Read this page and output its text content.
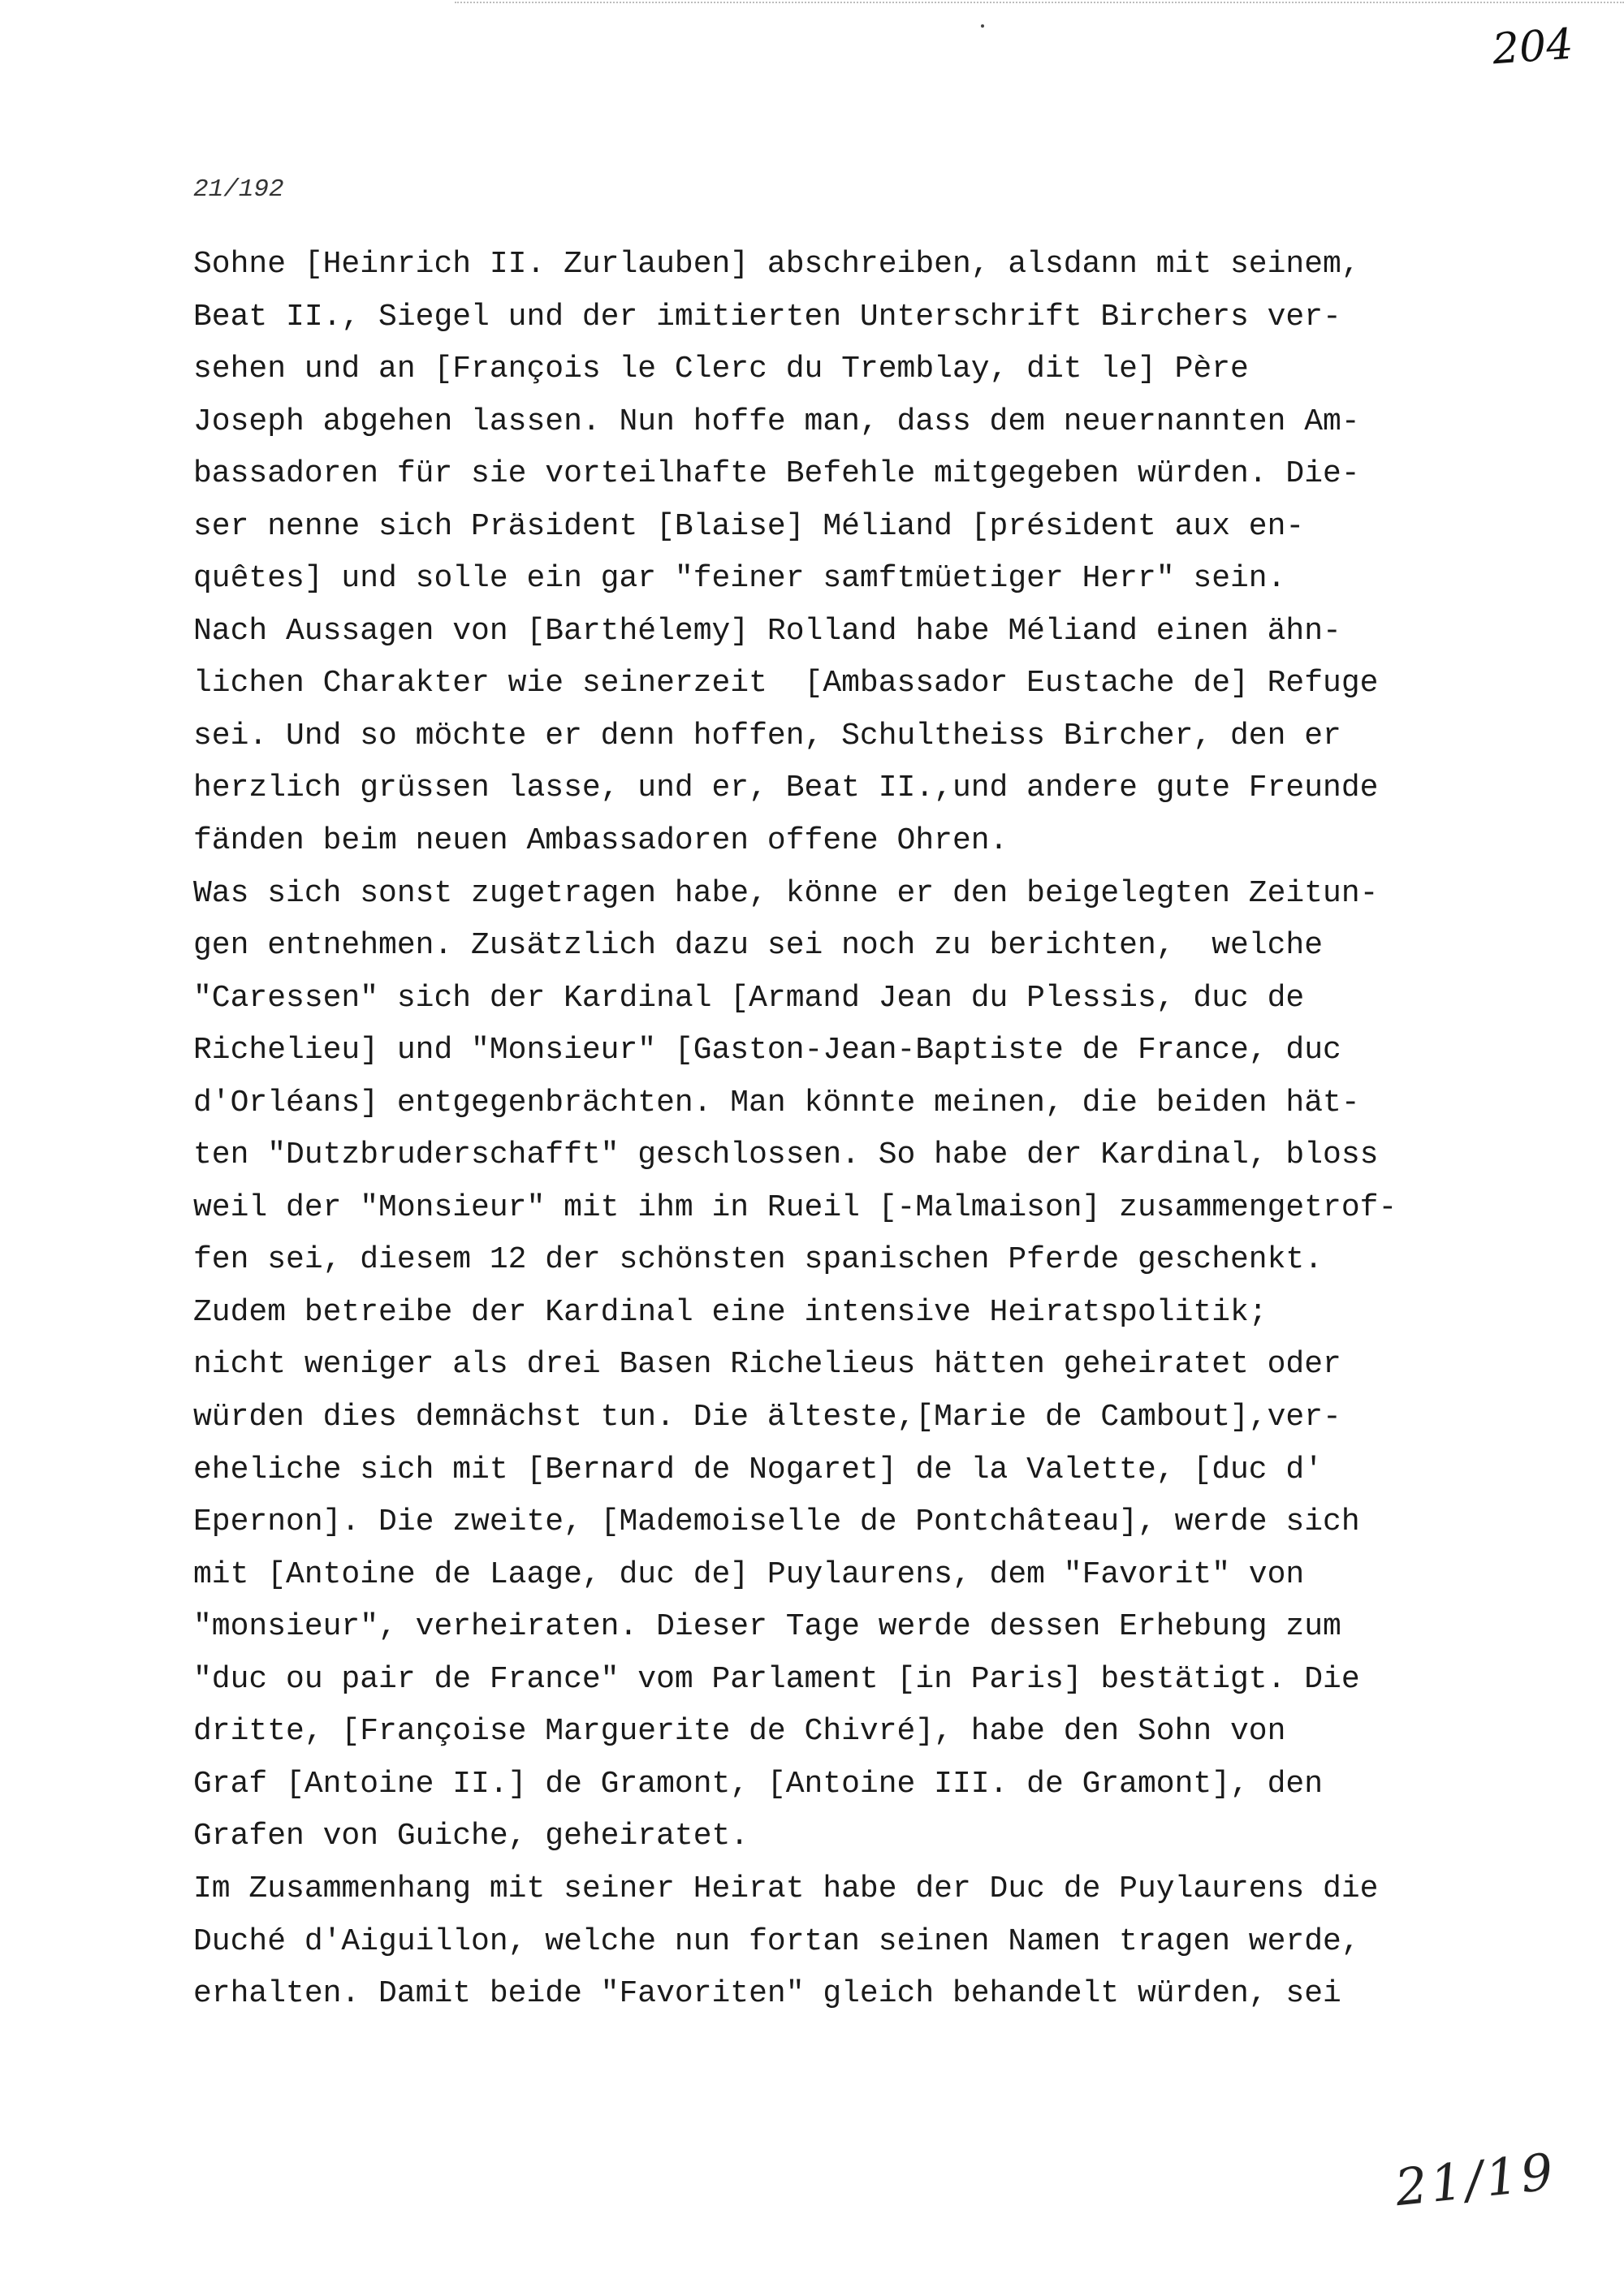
204
21/192
Sohne [Heinrich II. Zurlauben] abschreiben, alsdann mit seinem,
Beat II., Siegel und der imitierten Unterschrift Birchers ver-
sehen und an [François le Clerc du Tremblay, dit le] Père
Joseph abgehen lassen. Nun hoffe man, dass dem neuernannten Am-
bassadoren für sie vorteilhafte Befehle mitgegeben würden. Die-
ser nenne sich Präsident [Blaise] Méliand [président aux en-
quêtes] und solle ein gar "feiner samftmüetiger Herr" sein.
Nach Aussagen von [Barthélemy] Rolland habe Méliand einen ähn-
lichen Charakter wie seinerzeit  [Ambassador Eustache de] Refuge
sei. Und so möchte er denn hoffen, Schultheiss Bircher, den er
herzlich grüssen lasse, und er, Beat II.,und andere gute Freunde
fänden beim neuen Ambassadoren offene Ohren.
Was sich sonst zugetragen habe, könne er den beigelegten Zeitun-
gen entnehmen. Zusätzlich dazu sei noch zu berichten,  welche
"Caressen" sich der Kardinal [Armand Jean du Plessis, duc de
Richelieu] und "Monsieur" [Gaston-Jean-Baptiste de France, duc
d'Orléans] entgegenbrächten. Man könnte meinen, die beiden hät-
ten "Dutzbruderschafft" geschlossen. So habe der Kardinal, bloss
weil der "Monsieur" mit ihm in Rueil [-Malmaison] zusammengetrof-
fen sei, diesem 12 der schönsten spanischen Pferde geschenkt.
Zudem betreibe der Kardinal eine intensive Heiratspolitik;
nicht weniger als drei Basen Richelieus hätten geheiratet oder
würden dies demnächst tun. Die älteste,[Marie de Cambout],ver-
eheliche sich mit [Bernard de Nogaret] de la Valette, [duc d'
Epernon]. Die zweite, [Mademoiselle de Pontchâteau], werde sich
mit [Antoine de Laage, duc de] Puylaurens, dem "Favorit" von
"monsieur", verheiraten. Dieser Tage werde dessen Erhebung zum
"duc ou pair de France" vom Parlament [in Paris] bestätigt. Die
dritte, [Françoise Marguerite de Chivré], habe den Sohn von
Graf [Antoine II.] de Gramont, [Antoine III. de Gramont], den
Grafen von Guiche, geheiratet.
Im Zusammenhang mit seiner Heirat habe der Duc de Puylaurens die
Duché d'Aiguillon, welche nun fortan seinen Namen tragen werde,
erhalten. Damit beide "Favoriten" gleich behandelt würden, sei
21/19
